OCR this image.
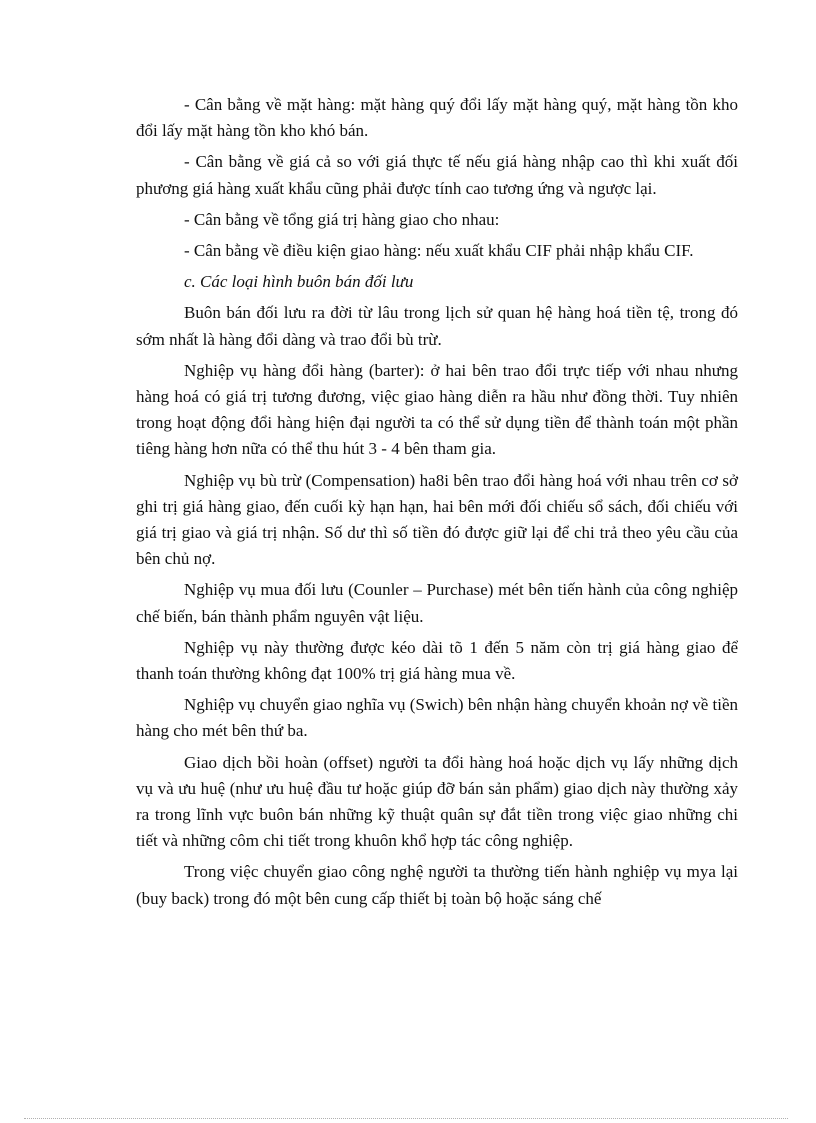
- Cân bằng về mặt hàng: mặt hàng quý đổi lấy mặt hàng quý, mặt hàng tồn kho đổi lấy mặt hàng tồn kho khó bán.

- Cân bằng về giá cả so với giá thực tế nếu giá hàng nhập cao thì khi xuất đối phương giá hàng xuất khẩu cũng phải được tính cao tương ứng và ngược lại.

- Cân bằng về tổng giá trị hàng giao cho nhau:

- Cân bằng về điều kiện giao hàng: nếu xuất khẩu CIF phải nhập khẩu CIF.

c. Các loại hình buôn bán đối lưu

Buôn bán đối lưu ra đời từ lâu trong lịch sử quan hệ hàng hoá tiền tệ, trong đó sớm nhất là hàng đổi dàng và trao đổi bù trừ.

Nghiệp vụ hàng đổi hàng (barter): ở hai bên trao đổi trực tiếp với nhau nhưng hàng hoá có giá trị tương đương, việc giao hàng diễn ra hầu như đồng thời. Tuy nhiên trong hoạt động đổi hàng hiện đại người ta có thể sử dụng tiền để thành toán một phần tiêng hàng hơn nữa có thể thu hút 3 - 4 bên tham gia.

Nghiệp vụ bù trừ (Compensation) ha8i bên trao đổi hàng hoá với nhau trên cơ sở ghi trị giá hàng giao, đến cuối kỳ hạn hạn, hai bên mới đối chiếu sổ sách, đối chiếu với giá trị giao và giá trị nhận. Số dư thì số tiền đó được giữ lại để chi trả theo yêu cầu của bên chủ nợ.

Nghiệp vụ mua đối lưu (Counler – Purchase) mét bên tiến hành của công nghiệp chế biến, bán thành phẩm nguyên vật liệu.

Nghiệp vụ này thường được kéo dài tõ 1 đến 5 năm còn trị giá hàng giao để thanh toán thường không đạt 100% trị giá hàng mua về.

Nghiệp vụ chuyển giao nghĩa vụ (Swich) bên nhận hàng chuyển khoản nợ về tiền hàng cho mét bên thứ ba.

Giao dịch bồi hoàn (offset) người ta đổi hàng hoá hoặc dịch vụ lấy những dịch vụ và ưu huệ (như ưu huệ đầu tư hoặc giúp đỡ bán sản phẩm) giao dịch này thường xảy ra trong lĩnh vực buôn bán những kỹ thuật quân sự đắt tiền trong việc giao những chi tiết và những côm chi tiết trong khuôn khổ hợp tác công nghiệp.

Trong việc chuyển giao công nghệ người ta thường tiến hành nghiệp vụ mya lại (buy back) trong đó một bên cung cấp thiết bị toàn bộ hoặc sáng chế
